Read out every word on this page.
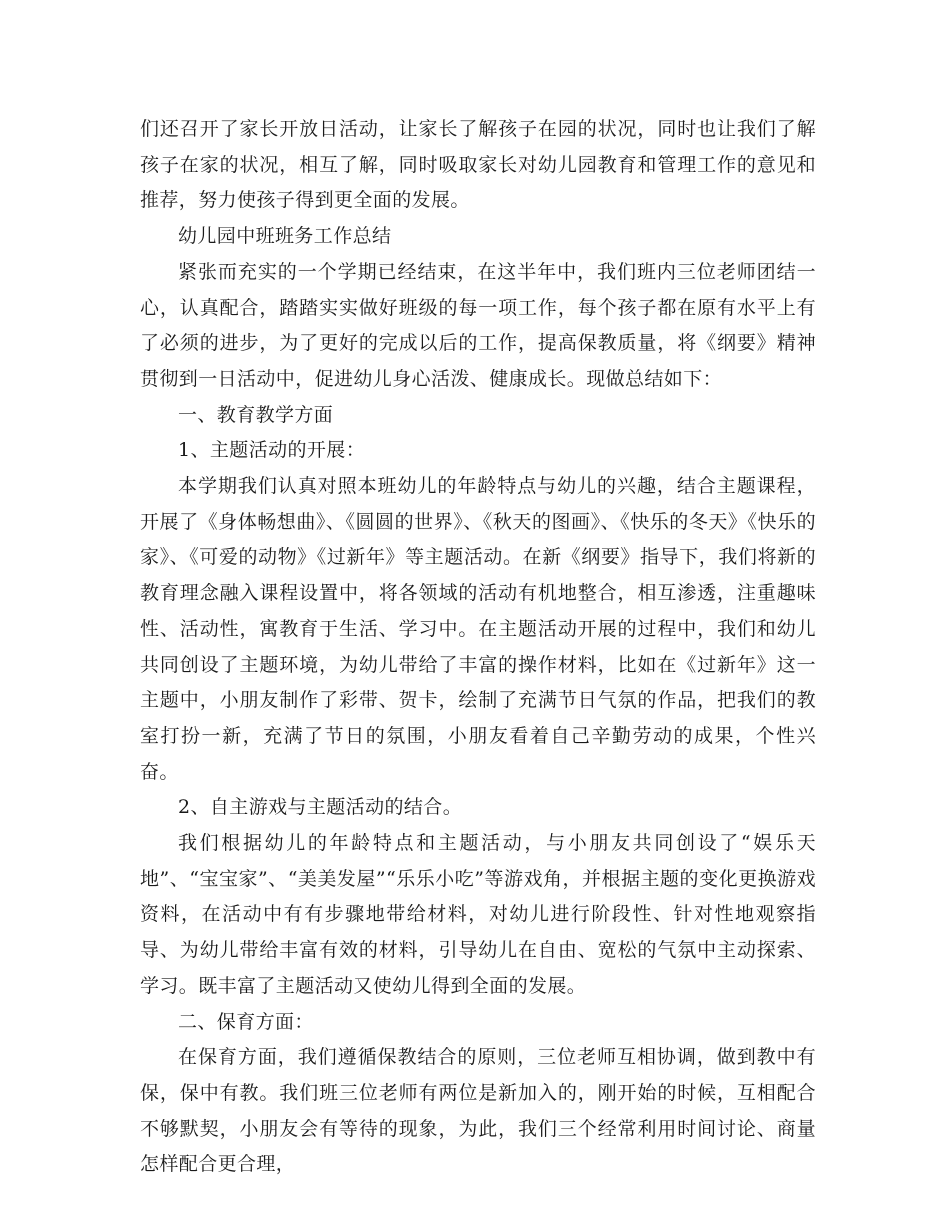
们还召开了家长开放日活动，让家长了解孩子在园的状况，同时也让我们了解孩子在家的状况，相互了解，同时吸取家长对幼儿园教育和管理工作的意见和推荐，努力使孩子得到更全面的发展。

幼儿园中班班务工作总结

紧张而充实的一个学期已经结束，在这半年中，我们班内三位老师团结一心，认真配合，踏踏实实做好班级的每一项工作，每个孩子都在原有水平上有了必须的进步，为了更好的完成以后的工作，提高保教质量，将《纲要》精神贯彻到一日活动中，促进幼儿身心活泼、健康成长。现做总结如下：

一、教育教学方面

1、主题活动的开展：

本学期我们认真对照本班幼儿的年龄特点与幼儿的兴趣，结合主题课程，开展了《身体畅想曲》、《圆圆的世界》、《秋天的图画》、《快乐的冬天》《快乐的家》、《可爱的动物》《过新年》等主题活动。在新《纲要》指导下，我们将新的教育理念融入课程设置中，将各领域的活动有机地整合，相互渗透，注重趣味性、活动性，寓教育于生活、学习中。在主题活动开展的过程中，我们和幼儿共同创设了主题环境，为幼儿带给了丰富的操作材料，比如在《过新年》这一主题中，小朋友制作了彩带、贺卡，绘制了充满节日气氛的作品，把我们的教室打扮一新，充满了节日的氛围，小朋友看着自己辛勤劳动的成果，个性兴奋。

2、自主游戏与主题活动的结合。

我们根据幼儿的年龄特点和主题活动，与小朋友共同创设了“娱乐天地”、“宝宝家”、“美美发屋”“乐乐小吃”等游戏角，并根据主题的变化更换游戏资料，在活动中有有步骤地带给材料，对幼儿进行阶段性、针对性地观察指导、为幼儿带给丰富有效的材料，引导幼儿在自由、宽松的气氛中主动探索、学习。既丰富了主题活动又使幼儿得到全面的发展。

二、保育方面：

在保育方面，我们遵循保教结合的原则，三位老师互相协调，做到教中有保，保中有教。我们班三位老师有两位是新加入的，刚开始的时候，互相配合不够默契，小朋友会有等待的现象，为此，我们三个经常利用时间讨论、商量怎样配合更合理，
